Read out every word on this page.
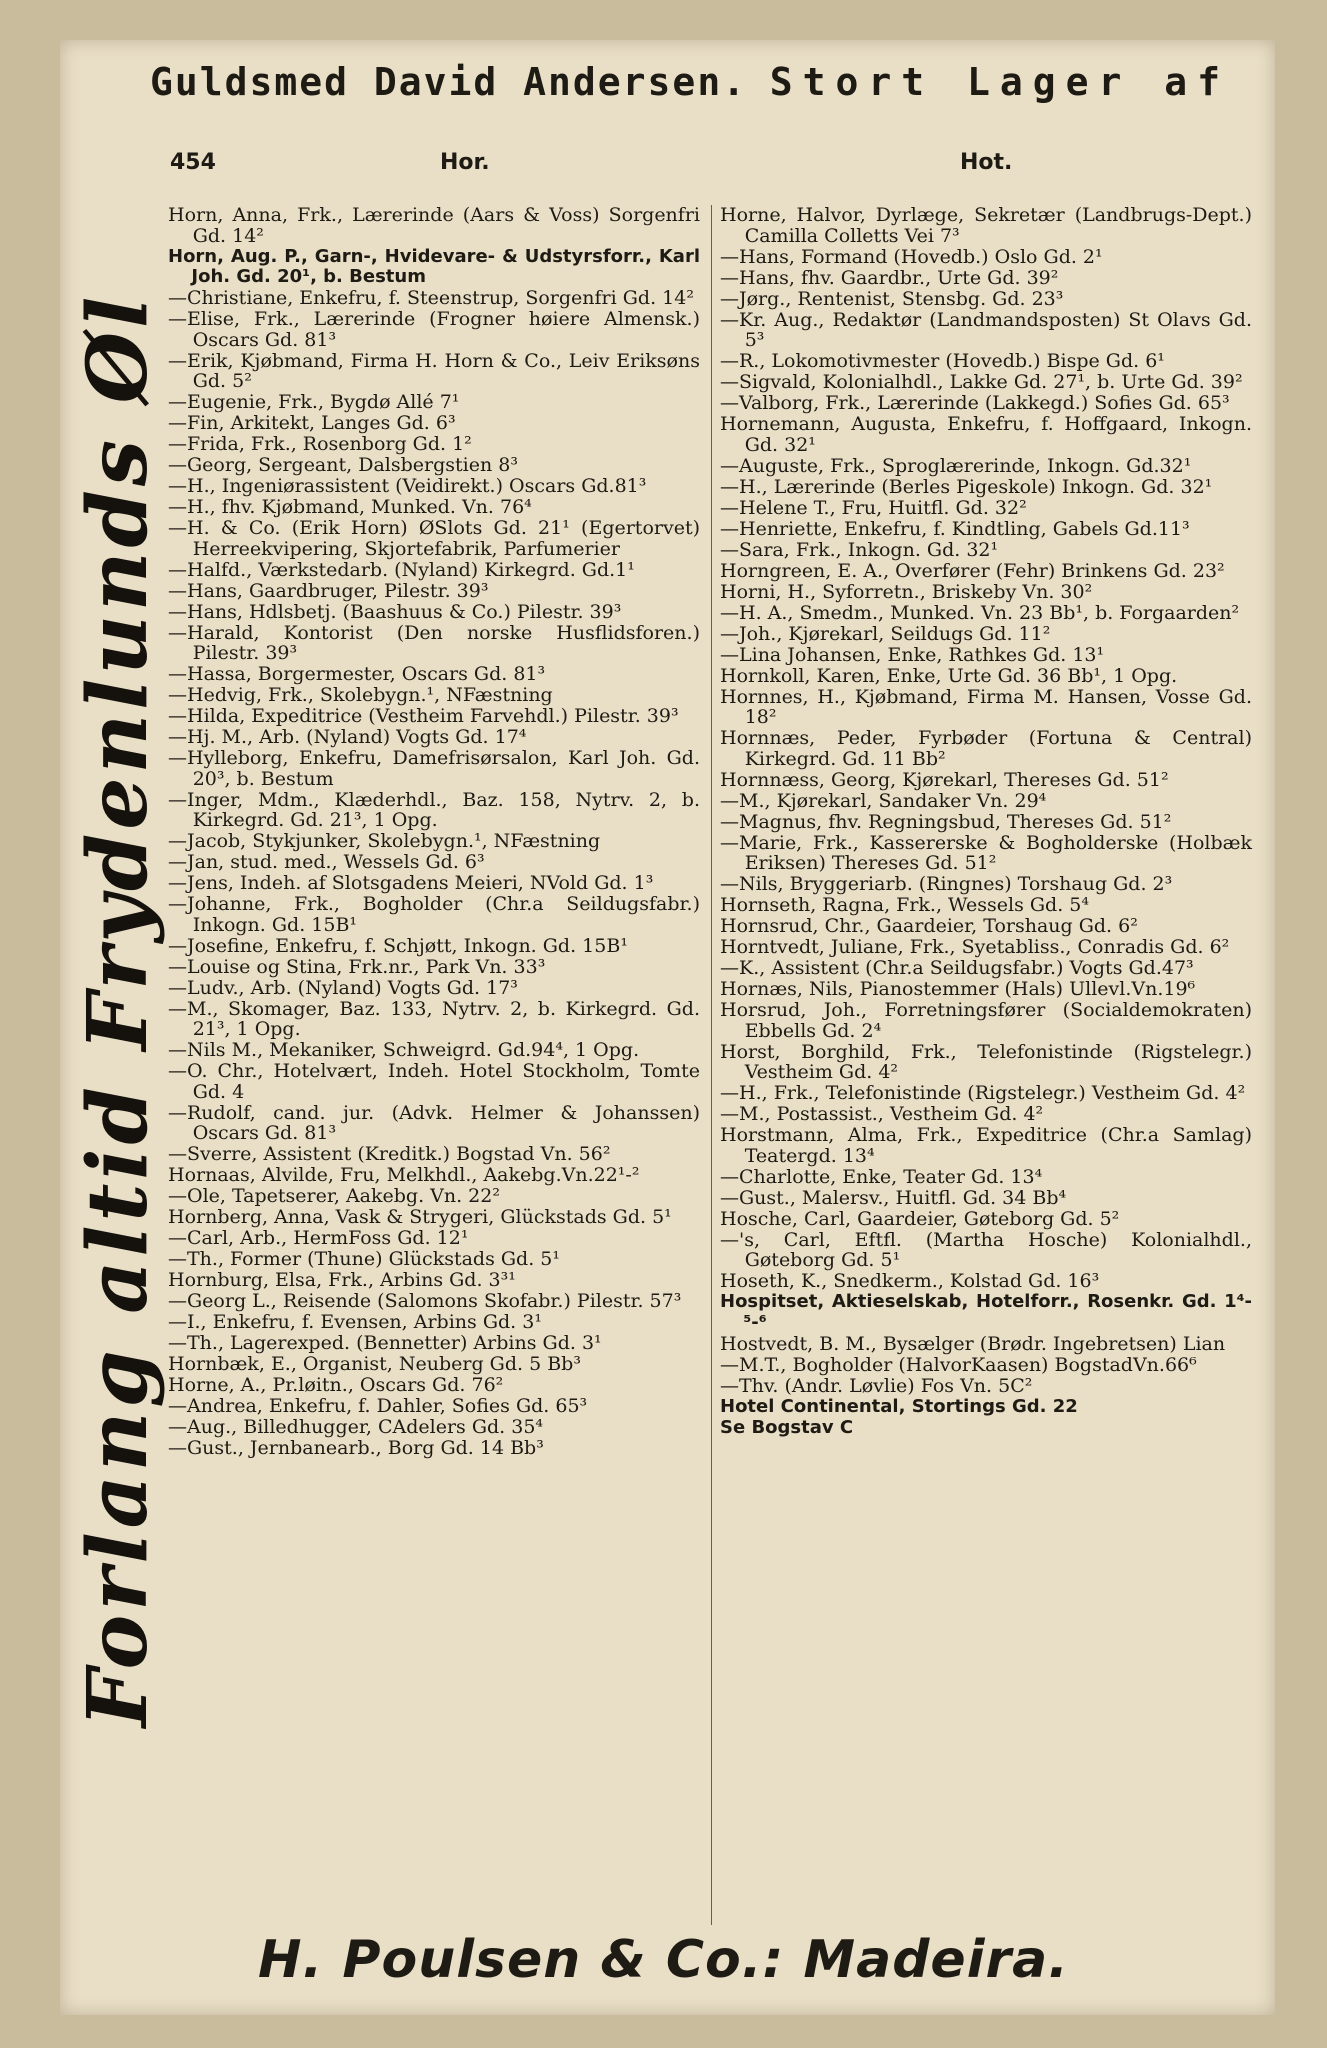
Guldsmed David Andersen. Stort Lager af
454	Hor.	Hot.
Forlang altid Frydenlunds Øl

Horn, Anna, Frk., Lærerinde (Aars & Voss) Sorgenfri Gd. 14²

Horn, Aug. P., Garn-, Hvidevare- & Udstyrsforr., Karl Joh. Gd. 20¹, b. Bestum

—Christiane, Enkefru, f. Steenstrup, Sorgenfri Gd. 14²

—Elise, Frk., Lærerinde (Frogner høiere Almensk.) Oscars Gd. 81³

—Erik, Kjøbmand, Firma H. Horn & Co., Leiv Eriksøns Gd. 5²

—Eugenie, Frk., Bygdø Allé 7¹

—Fin, Arkitekt, Langes Gd. 6³

—Frida, Frk., Rosenborg Gd. 1²

—Georg, Sergeant, Dalsbergstien 8³

—H., Ingeniørassistent (Veidirekt.) Oscars Gd.81³

—H., fhv. Kjøbmand, Munked. Vn. 76⁴

—H. & Co. (Erik Horn) ØSlots Gd. 21¹ (Egertorvet) Herreekvipering, Skjortefabrik, Parfumerier

—Halfd., Værkstedarb. (Nyland) Kirkegrd. Gd.1¹

—Hans, Gaardbruger, Pilestr. 39³

—Hans, Hdlsbetj. (Baashuus & Co.) Pilestr. 39³

—Harald, Kontorist (Den norske Husflidsforen.) Pilestr. 39³

—Hassa, Borgermester, Oscars Gd. 81³

—Hedvig, Frk., Skolebygn.¹, NFæstning

—Hilda, Expeditrice (Vestheim Farvehdl.) Pilestr. 39³

—Hj. M., Arb. (Nyland) Vogts Gd. 17⁴

—Hylleborg, Enkefru, Damefrisørsalon, Karl Joh. Gd. 20³, b. Bestum

—Inger, Mdm., Klæderhdl., Baz. 158, Nytrv. 2, b. Kirkegrd. Gd. 21³, 1 Opg.

—Jacob, Stykjunker, Skolebygn.¹, NFæstning

—Jan, stud. med., Wessels Gd. 6³

—Jens, Indeh. af Slotsgadens Meieri, NVold Gd. 1³

—Johanne, Frk., Bogholder (Chr.a Seildugsfabr.) Inkogn. Gd. 15B¹

—Josefine, Enkefru, f. Schjøtt, Inkogn. Gd. 15B¹

—Louise og Stina, Frk.nr., Park Vn. 33³

—Ludv., Arb. (Nyland) Vogts Gd. 17³

—M., Skomager, Baz. 133, Nytrv. 2, b. Kirkegrd. Gd. 21³, 1 Opg.

—Nils M., Mekaniker, Schweigrd. Gd.94⁴, 1 Opg.

—O. Chr., Hotelvært, Indeh. Hotel Stockholm, Tomte Gd. 4

—Rudolf, cand. jur. (Advk. Helmer & Johanssen) Oscars Gd. 81³

—Sverre, Assistent (Kreditk.) Bogstad Vn. 56²

Hornaas, Alvilde, Fru, Melkhdl., Aakebg.Vn.22¹-²

—Ole, Tapetserer, Aakebg. Vn. 22²

Hornberg, Anna, Vask & Strygeri, Glückstads Gd. 5¹

—Carl, Arb., HermFoss Gd. 12¹

—Th., Former (Thune) Glückstads Gd. 5¹

Hornburg, Elsa, Frk., Arbins Gd. 3³¹

—Georg L., Reisende (Salomons Skofabr.) Pilestr. 57³

—I., Enkefru, f. Evensen, Arbins Gd. 3¹

—Th., Lagerexped. (Bennetter) Arbins Gd. 3¹

Hornbæk, E., Organist, Neuberg Gd. 5 Bb³

Horne, A., Pr.løitn., Oscars Gd. 76²

—Andrea, Enkefru, f. Dahler, Sofies Gd. 65³

—Aug., Billedhugger, CAdelers Gd. 35⁴

—Gust., Jernbanearb., Borg Gd. 14 Bb³

Horne, Halvor, Dyrlæge, Sekretær (Landbrugs-Dept.) Camilla Colletts Vei 7³

—Hans, Formand (Hovedb.) Oslo Gd. 2¹

—Hans, fhv. Gaardbr., Urte Gd. 39²

—Jørg., Rentenist, Stensbg. Gd. 23³

—Kr. Aug., Redaktør (Landmandsposten) St Olavs Gd. 5³

—R., Lokomotivmester (Hovedb.) Bispe Gd. 6¹

—Sigvald, Kolonialhdl., Lakke Gd. 27¹, b. Urte Gd. 39²

—Valborg, Frk., Lærerinde (Lakkegd.) Sofies Gd. 65³

Hornemann, Augusta, Enkefru, f. Hoffgaard, Inkogn. Gd. 32¹

—Auguste, Frk., Sproglærerinde, Inkogn. Gd.32¹

—H., Lærerinde (Berles Pigeskole) Inkogn. Gd. 32¹

—Helene T., Fru, Huitfl. Gd. 32²

—Henriette, Enkefru, f. Kindtling, Gabels Gd.11³

—Sara, Frk., Inkogn. Gd. 32¹

Horngreen, E. A., Overfører (Fehr) Brinkens Gd. 23²

Horni, H., Syforretn., Briskeby Vn. 30²

—H. A., Smedm., Munked. Vn. 23 Bb¹, b. Forgaarden²

—Joh., Kjørekarl, Seildugs Gd. 11²

—Lina Johansen, Enke, Rathkes Gd. 13¹

Hornkoll, Karen, Enke, Urte Gd. 36 Bb¹, 1 Opg.

Hornnes, H., Kjøbmand, Firma M. Hansen, Vosse Gd. 18²

Hornnæs, Peder, Fyrbøder (Fortuna & Central) Kirkegrd. Gd. 11 Bb²

Hornnæss, Georg, Kjørekarl, Thereses Gd. 51²

—M., Kjørekarl, Sandaker Vn. 29⁴

—Magnus, fhv. Regningsbud, Thereses Gd. 51²

—Marie, Frk., Kassererske & Bogholderske (Holbæk Eriksen) Thereses Gd. 51²

—Nils, Bryggeriarb. (Ringnes) Torshaug Gd. 2³

Hornseth, Ragna, Frk., Wessels Gd. 5⁴

Hornsrud, Chr., Gaardeier, Torshaug Gd. 6²

Horntvedt, Juliane, Frk., Syetabliss., Conradis Gd. 6²

—K., Assistent (Chr.a Seildugsfabr.) Vogts Gd.47³

Hornæs, Nils, Pianostemmer (Hals) Ullevl.Vn.19⁶

Horsrud, Joh., Forretningsfører (Socialdemokraten) Ebbells Gd. 2⁴

Horst, Borghild, Frk., Telefonistinde (Rigstelegr.) Vestheim Gd. 4²

—H., Frk., Telefonistinde (Rigstelegr.) Vestheim Gd. 4²

—M., Postassist., Vestheim Gd. 4²

Horstmann, Alma, Frk., Expeditrice (Chr.a Samlag) Teatergd. 13⁴

—Charlotte, Enke, Teater Gd. 13⁴

—Gust., Malersv., Huitfl. Gd. 34 Bb⁴

Hosche, Carl, Gaardeier, Gøteborg Gd. 5²

—'s, Carl, Eftfl. (Martha Hosche) Kolonialhdl., Gøteborg Gd. 5¹

Hoseth, K., Snedkerm., Kolstad Gd. 16³

Hospitset, Aktieselskab, Hotelforr., Rosenkr. Gd. 1⁴-⁵-⁶

Hostvedt, B. M., Bysælger (Brødr. Ingebretsen) Lian

—M.T., Bogholder (HalvorKaasen) BogstadVn.66⁶

—Thv. (Andr. Løvlie) Fos Vn. 5C²

Hotel Continental, Stortings Gd. 22

Se Bogstav C

H. Poulsen & Co.: Madeira.
